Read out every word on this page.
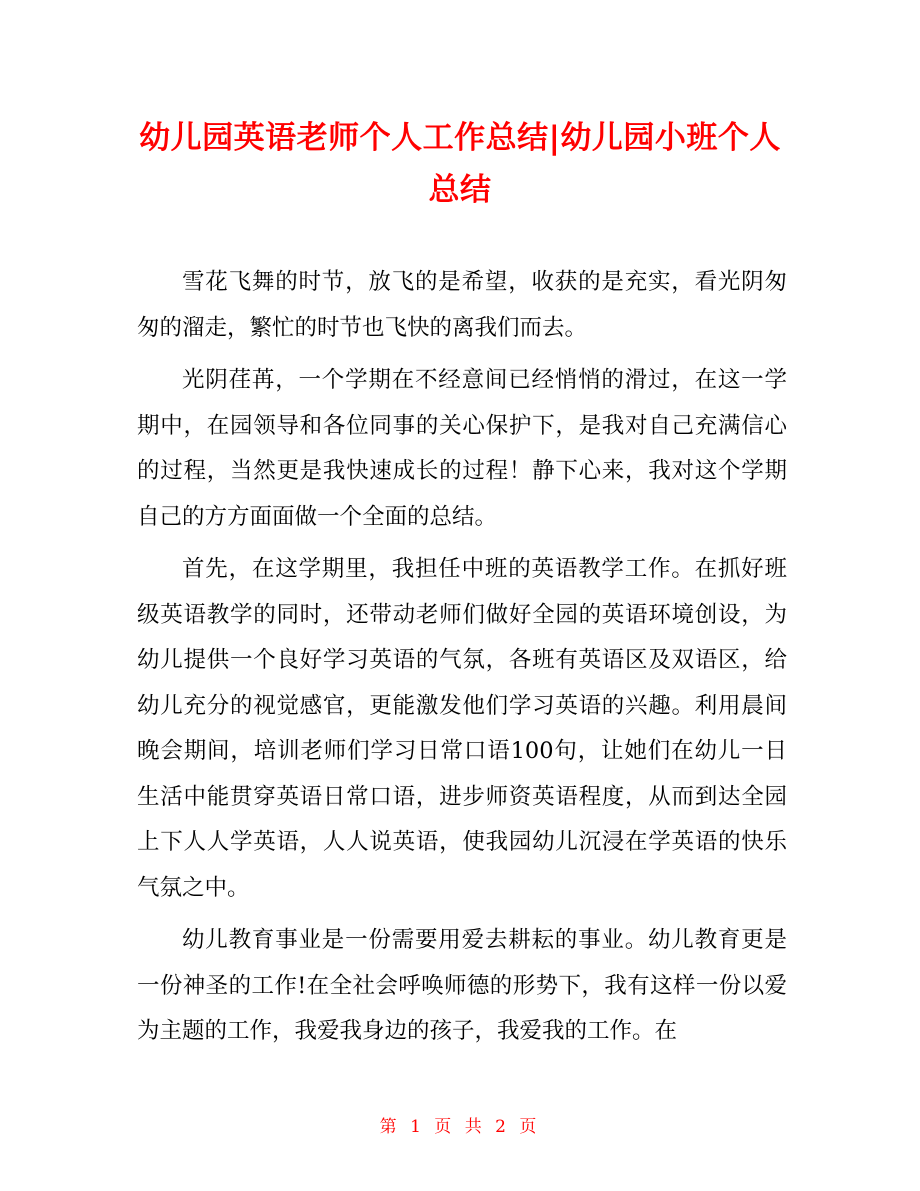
幼儿园英语老师个人工作总结|幼儿园小班个人总结

雪花飞舞的时节，放飞的是希望，收获的是充实，看光阴匆匆的溜走，繁忙的时节也飞快的离我们而去。

光阴荏苒，一个学期在不经意间已经悄悄的滑过，在这一学期中，在园领导和各位同事的关心保护下，是我对自己充满信心的过程，当然更是我快速成长的过程！静下心来，我对这个学期自己的方方面面做一个全面的总结。

首先，在这学期里，我担任中班的英语教学工作。在抓好班级英语教学的同时，还带动老师们做好全园的英语环境创设，为幼儿提供一个良好学习英语的气氛，各班有英语区及双语区，给幼儿充分的视觉感官，更能激发他们学习英语的兴趣。利用晨间晚会期间，培训老师们学习日常口语100句，让她们在幼儿一日生活中能贯穿英语日常口语，进步师资英语程度，从而到达全园上下人人学英语，人人说英语，使我园幼儿沉浸在学英语的快乐气氛之中。

幼儿教育事业是一份需要用爱去耕耘的事业。幼儿教育更是一份神圣的工作!在全社会呼唤师德的形势下，我有这样一份以爱为主题的工作，我爱我身边的孩子，我爱我的工作。在

第 1 页 共 2 页
